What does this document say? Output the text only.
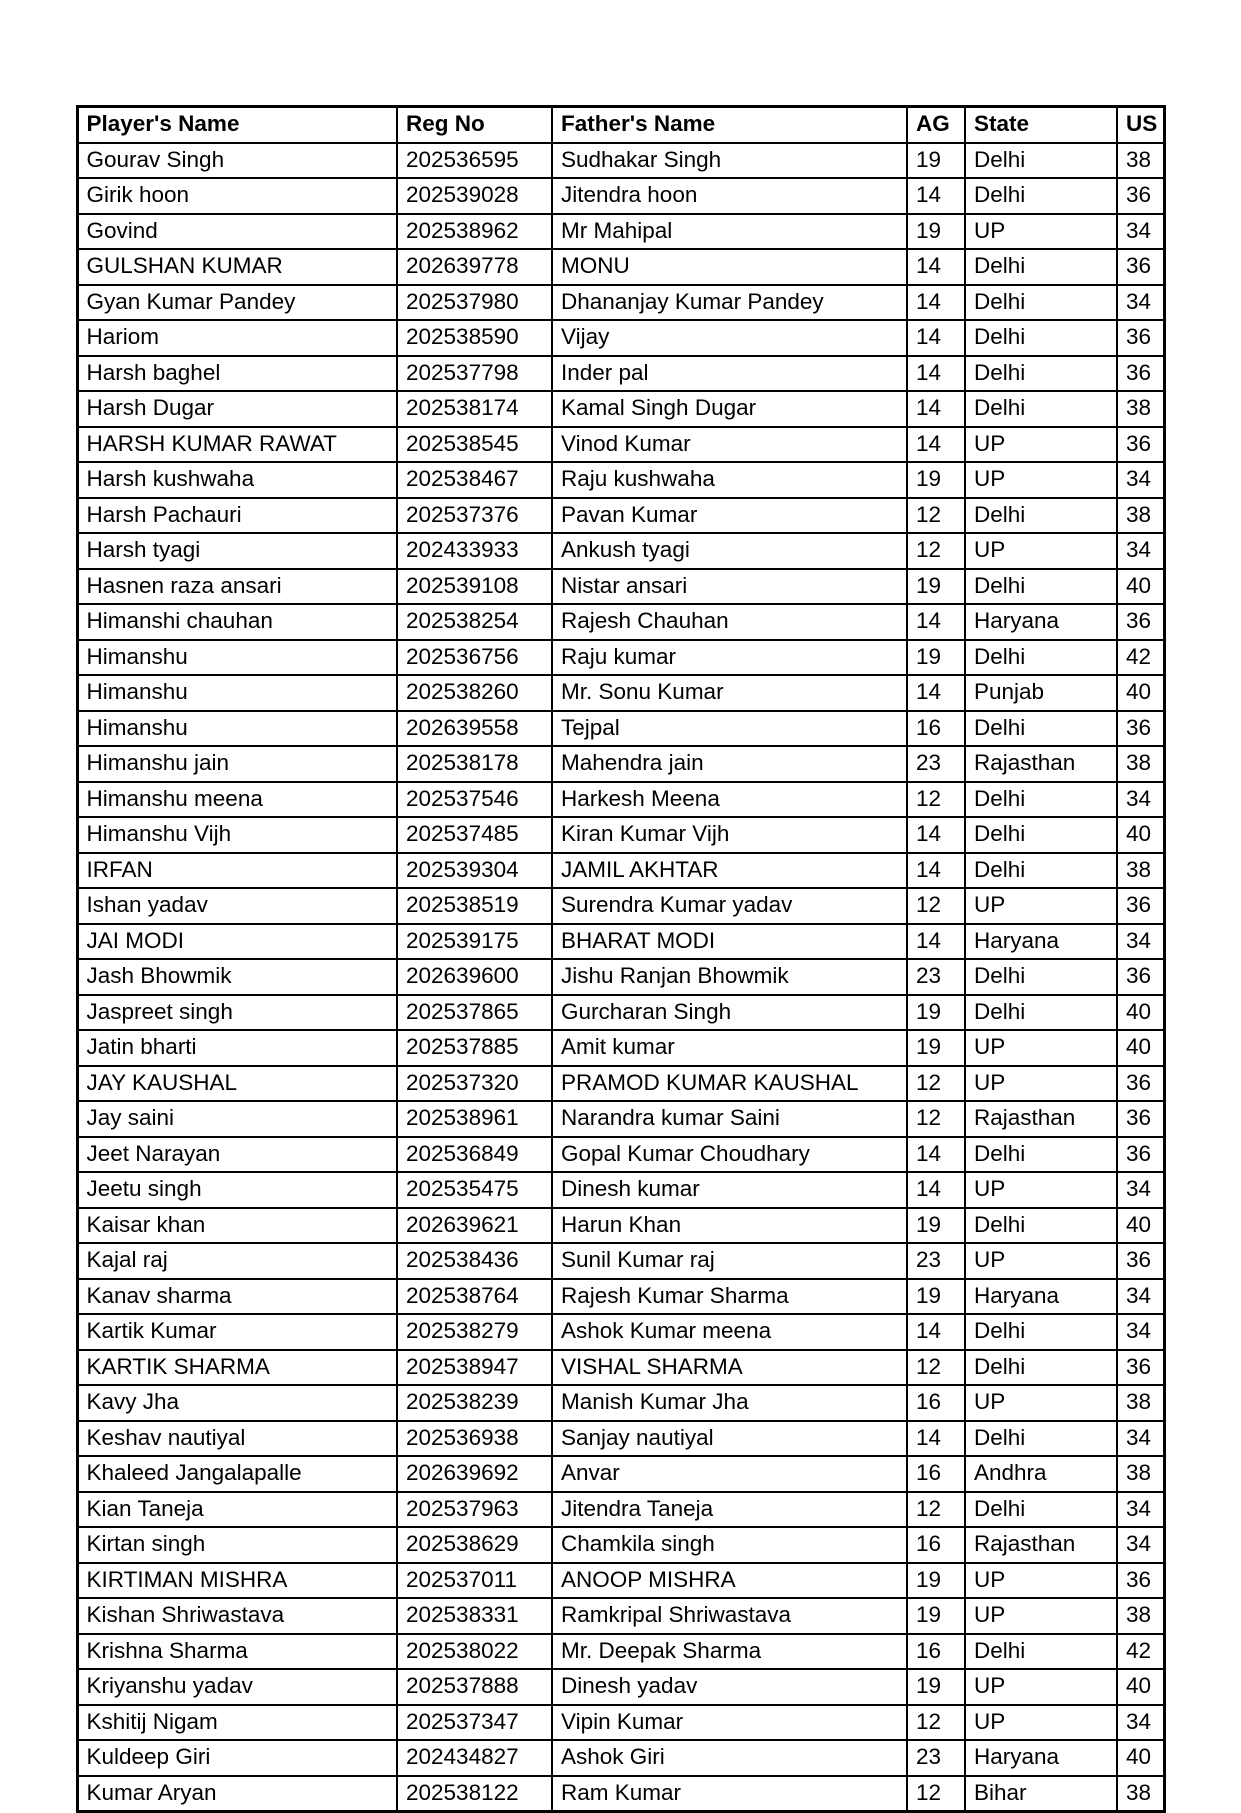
Player's Name	Reg No	Father's Name	AG	State	US
Gourav Singh	202536595	Sudhakar Singh	19	Delhi	38
Girik hoon	202539028	Jitendra hoon	14	Delhi	36
Govind	202538962	Mr Mahipal	19	UP	34
GULSHAN KUMAR	202639778	MONU	14	Delhi	36
Gyan Kumar Pandey	202537980	Dhananjay Kumar Pandey	14	Delhi	34
Hariom	202538590	Vijay	14	Delhi	36
Harsh baghel	202537798	Inder pal	14	Delhi	36
Harsh Dugar	202538174	Kamal Singh Dugar	14	Delhi	38
HARSH KUMAR RAWAT	202538545	Vinod Kumar	14	UP	36
Harsh kushwaha	202538467	Raju kushwaha	19	UP	34
Harsh Pachauri	202537376	Pavan Kumar	12	Delhi	38
Harsh tyagi	202433933	Ankush tyagi	12	UP	34
Hasnen raza ansari	202539108	Nistar ansari	19	Delhi	40
Himanshi chauhan	202538254	Rajesh Chauhan	14	Haryana	36
Himanshu	202536756	Raju kumar	19	Delhi	42
Himanshu	202538260	Mr. Sonu Kumar	14	Punjab	40
Himanshu	202639558	Tejpal	16	Delhi	36
Himanshu jain	202538178	Mahendra jain	23	Rajasthan	38
Himanshu meena	202537546	Harkesh Meena	12	Delhi	34
Himanshu Vijh	202537485	Kiran Kumar Vijh	14	Delhi	40
IRFAN	202539304	JAMIL AKHTAR	14	Delhi	38
Ishan yadav	202538519	Surendra Kumar yadav	12	UP	36
JAI MODI	202539175	BHARAT MODI	14	Haryana	34
Jash Bhowmik	202639600	Jishu Ranjan Bhowmik	23	Delhi	36
Jaspreet singh	202537865	Gurcharan Singh	19	Delhi	40
Jatin bharti	202537885	Amit kumar	19	UP	40
JAY KAUSHAL	202537320	PRAMOD KUMAR KAUSHAL	12	UP	36
Jay saini	202538961	Narandra kumar Saini	12	Rajasthan	36
Jeet Narayan	202536849	Gopal Kumar Choudhary	14	Delhi	36
Jeetu singh	202535475	Dinesh kumar	14	UP	34
Kaisar khan	202639621	Harun Khan	19	Delhi	40
Kajal raj	202538436	Sunil Kumar raj	23	UP	36
Kanav sharma	202538764	Rajesh Kumar Sharma	19	Haryana	34
Kartik Kumar	202538279	Ashok Kumar meena	14	Delhi	34
KARTIK SHARMA	202538947	VISHAL SHARMA	12	Delhi	36
Kavy Jha	202538239	Manish Kumar Jha	16	UP	38
Keshav nautiyal	202536938	Sanjay nautiyal	14	Delhi	34
Khaleed Jangalapalle	202639692	Anvar	16	Andhra	38
Kian Taneja	202537963	Jitendra Taneja	12	Delhi	34
Kirtan singh	202538629	Chamkila singh	16	Rajasthan	34
KIRTIMAN MISHRA	202537011	ANOOP MISHRA	19	UP	36
Kishan Shriwastava	202538331	Ramkripal Shriwastava	19	UP	38
Krishna Sharma	202538022	Mr. Deepak Sharma	16	Delhi	42
Kriyanshu yadav	202537888	Dinesh yadav	19	UP	40
Kshitij Nigam	202537347	Vipin Kumar	12	UP	34
Kuldeep Giri	202434827	Ashok Giri	23	Haryana	40
Kumar Aryan	202538122	Ram Kumar	12	Bihar	38
